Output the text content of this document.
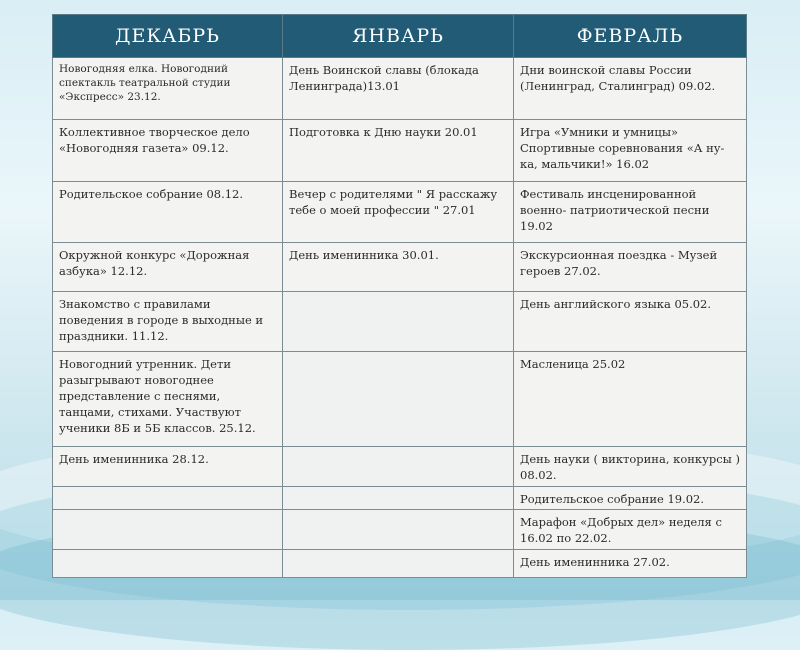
ДЕКАБРЬ	ЯНВАРЬ	ФЕВРАЛЬ
Новогодняя елка. Новогодний спектакль театральной студии «Экспресс» 23.12.	День Воинской славы (блокада Ленинграда)13.01	Дни воинской славы России (Ленинград, Сталинград) 09.02.
Коллективное творческое дело «Новогодняя газета» 09.12.	Подготовка к Дню науки 20.01	Игра «Умники и умницы» Спортивные соревнования «А ну-ка, мальчики!» 16.02
Родительское собрание 08.12.	Вечер с родителями " Я расскажу тебе о моей профессии " 27.01	Фестиваль инсценированной военно- патриотической песни 19.02
Окружной конкурс «Дорожная азбука» 12.12.	День именинника 30.01.	Экскурсионная поездка - Музей героев 27.02.
Знакомство с правилами поведения в городе в выходные и праздники. 11.12.		День английского языка 05.02.
Новогодний утренник. Дети разыгрывают новогоднее представление с песнями, танцами, стихами. Участвуют ученики 8Б и 5Б классов. 25.12.		Масленица 25.02
День именинника 28.12.		День науки ( викторина, конкурсы ) 08.02.
		Родительское собрание 19.02.
		Марафон «Добрых дел» неделя с 16.02 по 22.02.
		День именинника 27.02.
